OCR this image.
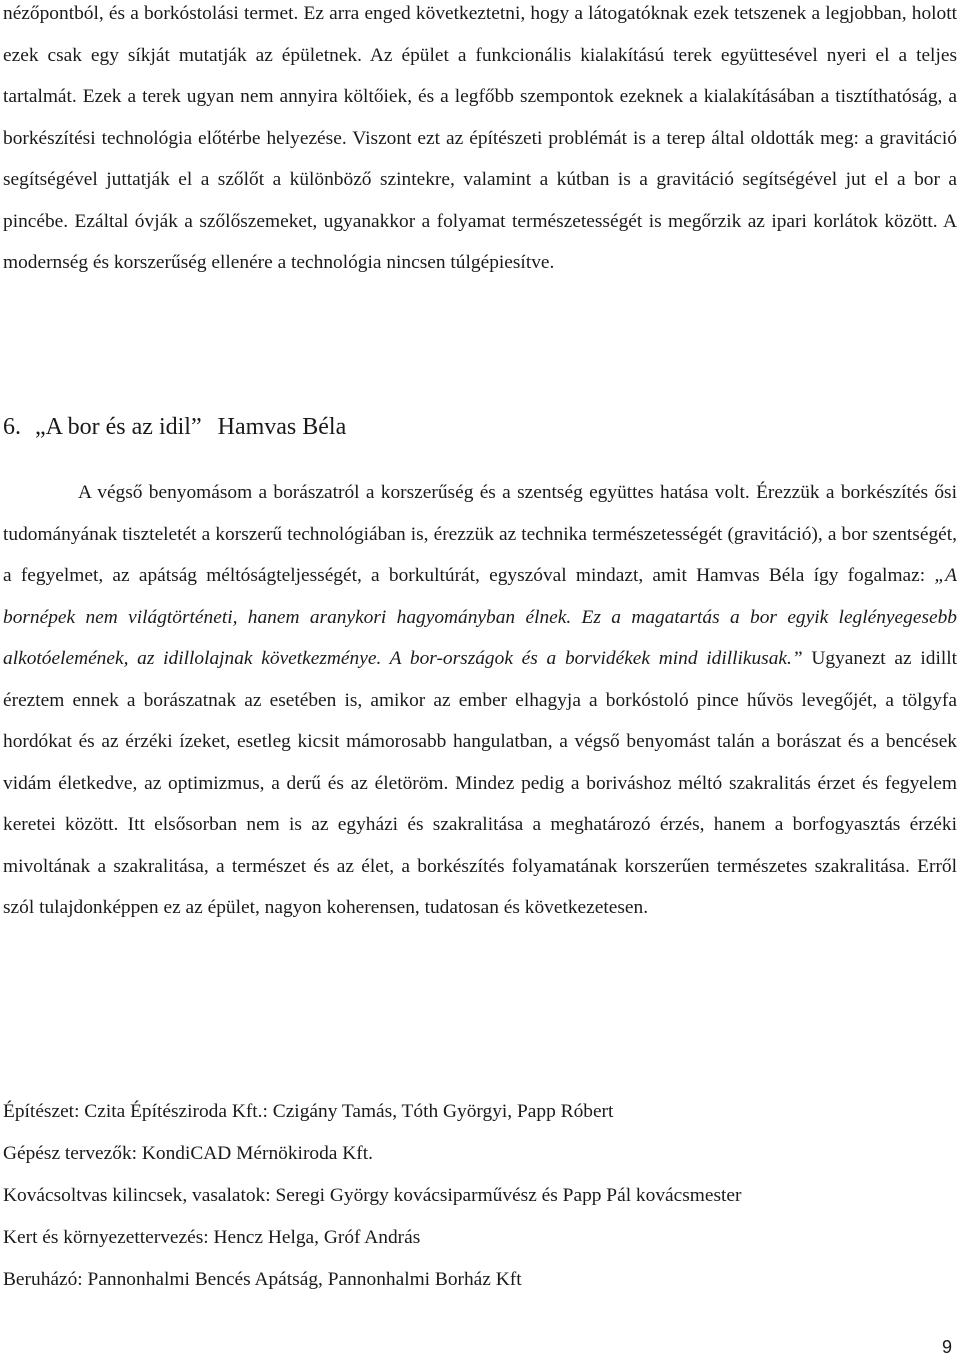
nézőpontból, és a borkóstolási termet. Ez arra enged következtetni, hogy a látogatóknak ezek tetszenek a legjobban, holott ezek csak egy síkját mutatják az épületnek. Az épület a funkcionális kialakítású terek együttesével nyeri el a teljes tartalmát. Ezek a terek ugyan nem annyira költőiek, és a legfőbb szempontok ezeknek a kialakításában a tisztíthatóság, a borkészítési technológia előtérbe helyezése. Viszont ezt az építészeti problémát is a terep által oldották meg: a gravitáció segítségével juttatják el a szőlőt a különböző szintekre, valamint a kútban is a gravitáció segítségével jut el a bor a pincébe. Ezáltal óvják a szőlőszemeket, ugyanakkor a folyamat természetességét is megőrzik az ipari korlátok között. A modernség és korszerűség ellenére a technológia nincsen túlgépiesítve.

6. „A bor és az idil” Hamvas Béla

A végső benyomásom a borászatról a korszerűség és a szentség együttes hatása volt. Érezzük a borkészítés ősi tudományának tiszteletét a korszerű technológiában is, érezzük az technika természetességét (gravitáció), a bor szentségét, a fegyelmet, az apátság méltóságteljességét, a borkultúrát, egyszóval mindazt, amit Hamvas Béla így fogalmaz: „A bornépek nem világtörténeti, hanem aranykori hagyományban élnek. Ez a magatartás a bor egyik leglényegesebb alkotóelemének, az idillolajnak következménye. A bor-országok és a borvidékek mind idillikusak.” Ugyanezt az idillt éreztem ennek a borászatnak az esetében is, amikor az ember elhagyja a borkóstoló pince hűvös levegőjét, a tölgyfa hordókat és az érzéki ízeket, esetleg kicsit mámorosabb hangulatban, a végső benyomást talán a borászat és a bencések vidám életkedve, az optimizmus, a derű és az életöröm. Mindez pedig a boriváshoz méltó szakralitás érzet és fegyelem keretei között. Itt elsősorban nem is az egyházi és szakralitása a meghatározó érzés, hanem a borfogyasztás érzéki mivoltának a szakralitása, a természet és az élet, a borkészítés folyamatának korszerűen természetes szakralitása. Erről szól tulajdonképpen ez az épület, nagyon koherensen, tudatosan és következetesen.

Építészet: Czita Építésziroda Kft.: Czigány Tamás, Tóth Györgyi, Papp Róbert

Gépész tervezők: KondiCAD Mérnökiroda Kft.

Kovácsoltvas kilincsek, vasalatok: Seregi György kovácsiparművész és Papp Pál kovácsmester

Kert és környezettervezés: Hencz Helga, Gróf András

Beruházó: Pannonhalmi Bencés Apátság, Pannonhalmi Borház Kft

9
